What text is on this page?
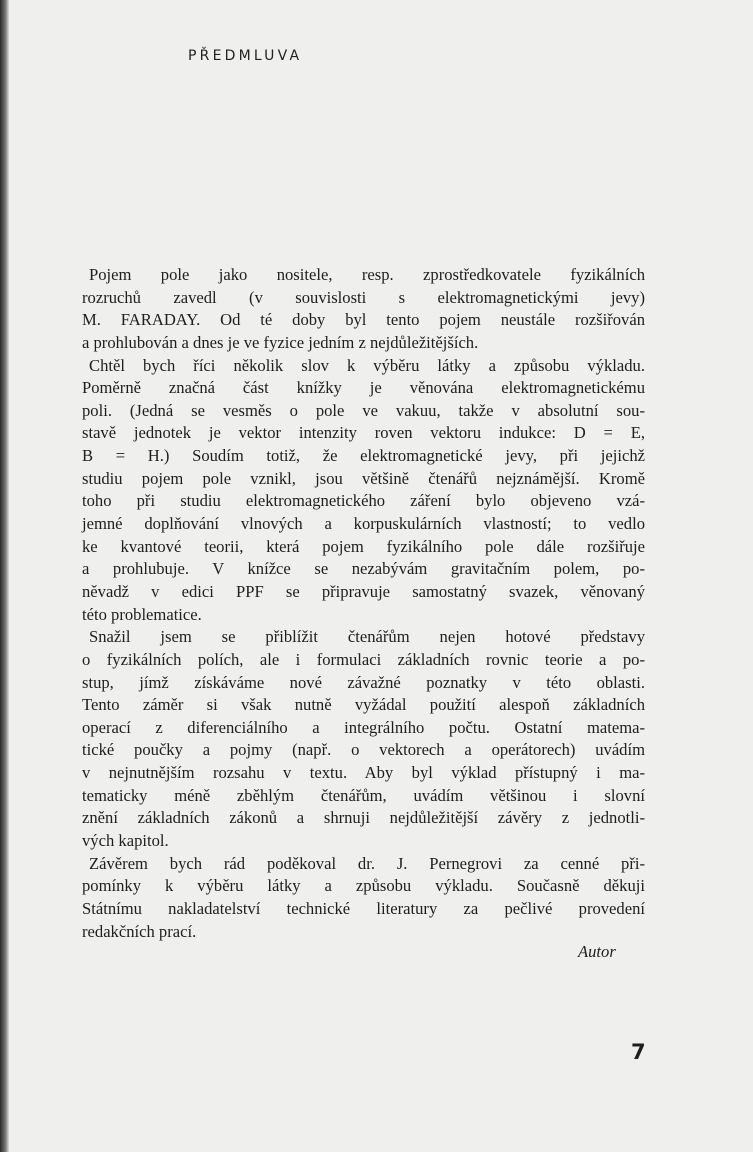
PŘEDMLUVA
Pojem pole jako nositele, resp. zprostředkovatele fyzikálních
rozruchů zavedl (v souvislosti s elektromagnetickými jevy)
M. FARADAY. Od té doby byl tento pojem neustále rozšiřován
a prohlubován a dnes je ve fyzice jedním z nejdůležitějších.
Chtěl bych říci několik slov k výběru látky a způsobu výkladu.
Poměrně značná část knížky je věnována elektromagnetickému
poli. (Jedná se vesměs o pole ve vakuu, takže v absolutní sou-
stavě jednotek je vektor intenzity roven vektoru indukce: D = E,
B = H.) Soudím totiž, že elektromagnetické jevy, při jejichž
studiu pojem pole vznikl, jsou většině čtenářů nejznámější. Kromě
toho při studiu elektromagnetického záření bylo objeveno vzá-
jemné doplňování vlnových a korpuskulárních vlastností; to vedlo
ke kvantové teorii, která pojem fyzikálního pole dále rozšiřuje
a prohlubuje. V knížce se nezabývám gravitačním polem, po-
něvadž v edici PPF se připravuje samostatný svazek, věnovaný
této problematice.
Snažil jsem se přiblížit čtenářům nejen hotové představy
o fyzikálních polích, ale i formulaci základních rovnic teorie a po-
stup, jímž získáváme nové závažné poznatky v této oblasti.
Tento záměr si však nutně vyžádal použití alespoň základních
operací z diferenciálního a integrálního počtu. Ostatní matema-
tické poučky a pojmy (např. o vektorech a operátorech) uvádím
v nejnutnějším rozsahu v textu. Aby byl výklad přístupný i ma-
tematicky méně zběhlým čtenářům, uvádím většinou i slovní
znění základních zákonů a shrnuji nejdůležitější závěry z jednotli-
vých kapitol.
Závěrem bych rád poděkoval dr. J. Pernegrovi za cenné při-
pomínky k výběru látky a způsobu výkladu. Současně děkuji
Státnímu nakladatelství technické literatury za pečlivé provedení
redakčních prací.
Autor
7
